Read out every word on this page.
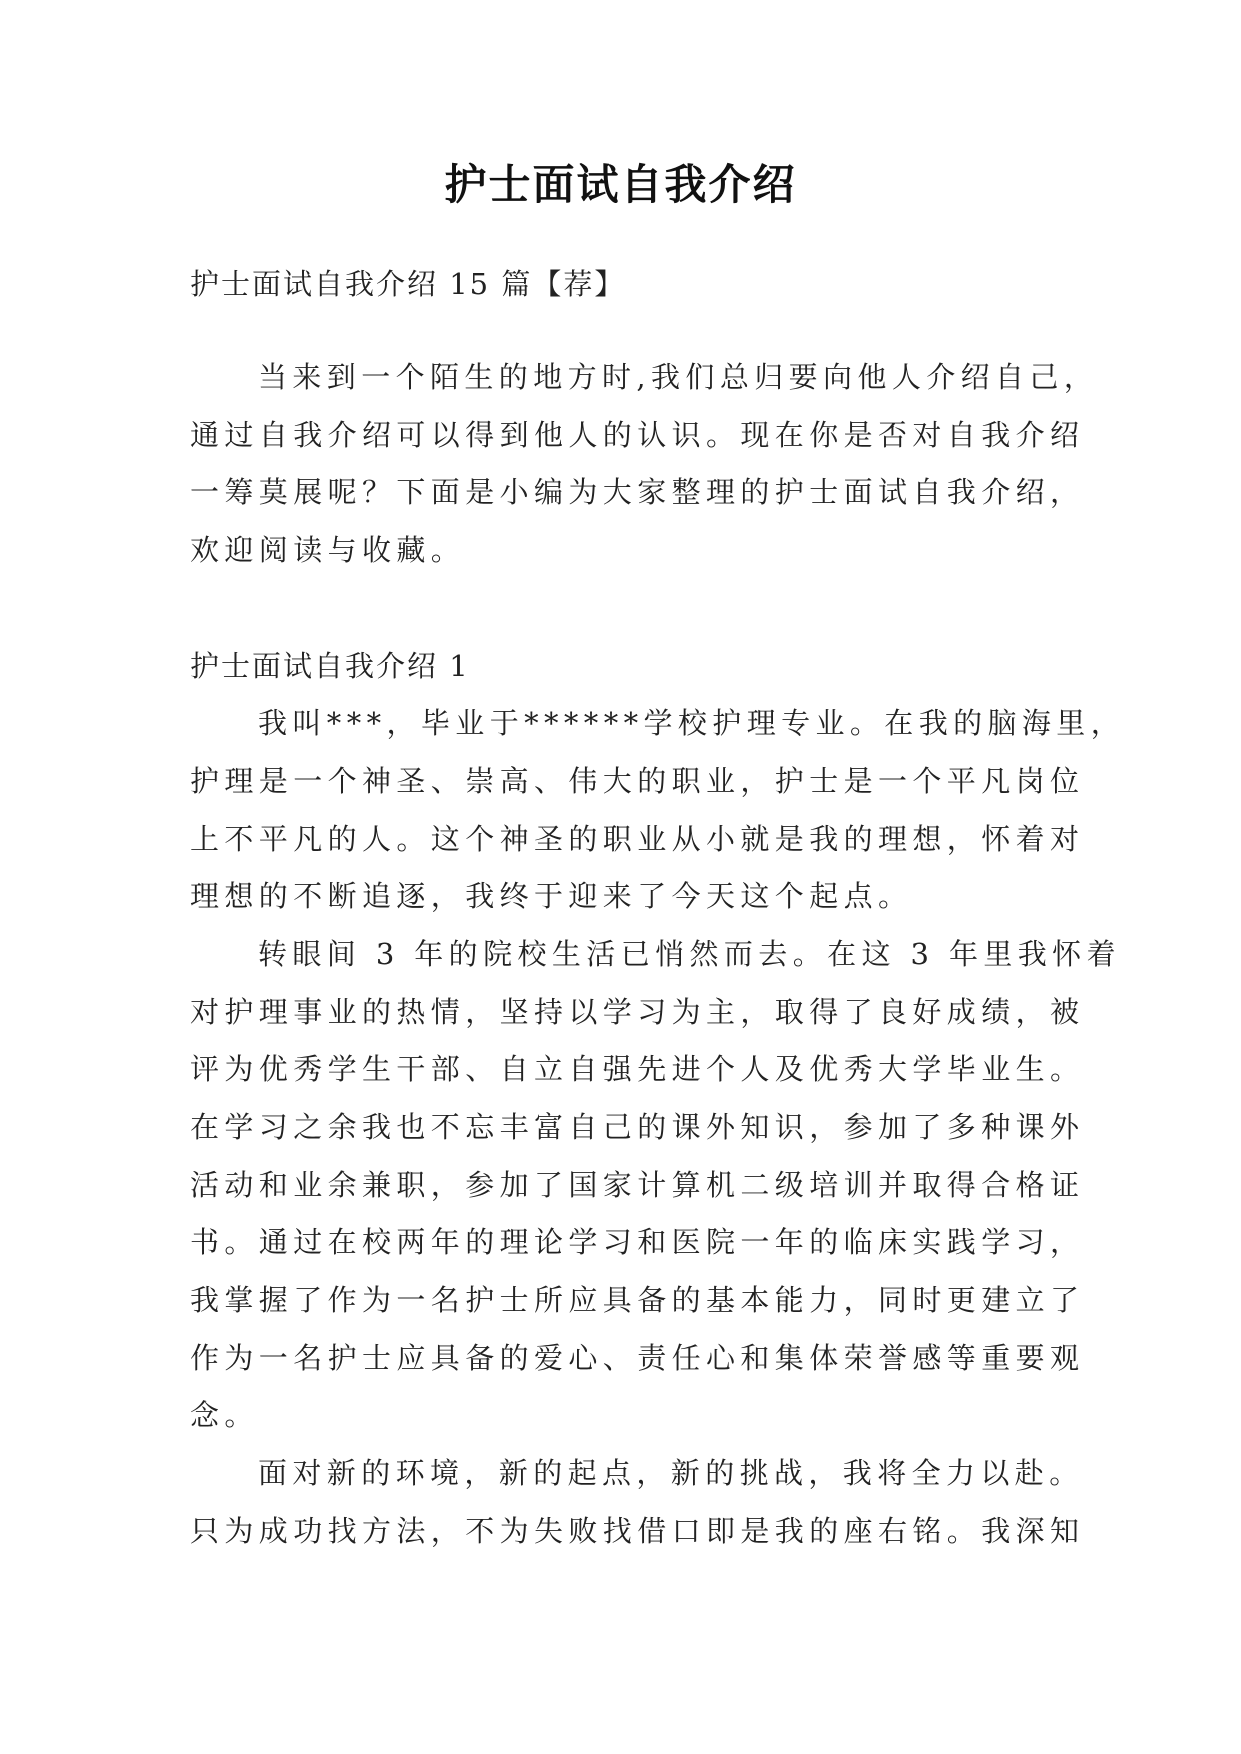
护士面试自我介绍
护士面试自我介绍 15 篇【荐】
当来到一个陌生的地方时,我们总归要向他人介绍自己，
通过自我介绍可以得到他人的认识。现在你是否对自我介绍
一筹莫展呢？下面是小编为大家整理的护士面试自我介绍，
欢迎阅读与收藏。
护士面试自我介绍 1
我叫***，毕业于******学校护理专业。在我的脑海里，
护理是一个神圣、崇高、伟大的职业，护士是一个平凡岗位
上不平凡的人。这个神圣的职业从小就是我的理想，怀着对
理想的不断追逐，我终于迎来了今天这个起点。
转眼间 3 年的院校生活已悄然而去。在这 3 年里我怀着
对护理事业的热情，坚持以学习为主，取得了良好成绩，被
评为优秀学生干部、自立自强先进个人及优秀大学毕业生。
在学习之余我也不忘丰富自己的课外知识，参加了多种课外
活动和业余兼职，参加了国家计算机二级培训并取得合格证
书。通过在校两年的理论学习和医院一年的临床实践学习，
我掌握了作为一名护士所应具备的基本能力，同时更建立了
作为一名护士应具备的爱心、责任心和集体荣誉感等重要观
念。
面对新的环境，新的起点，新的挑战，我将全力以赴。
只为成功找方法，不为失败找借口即是我的座右铭。我深知
